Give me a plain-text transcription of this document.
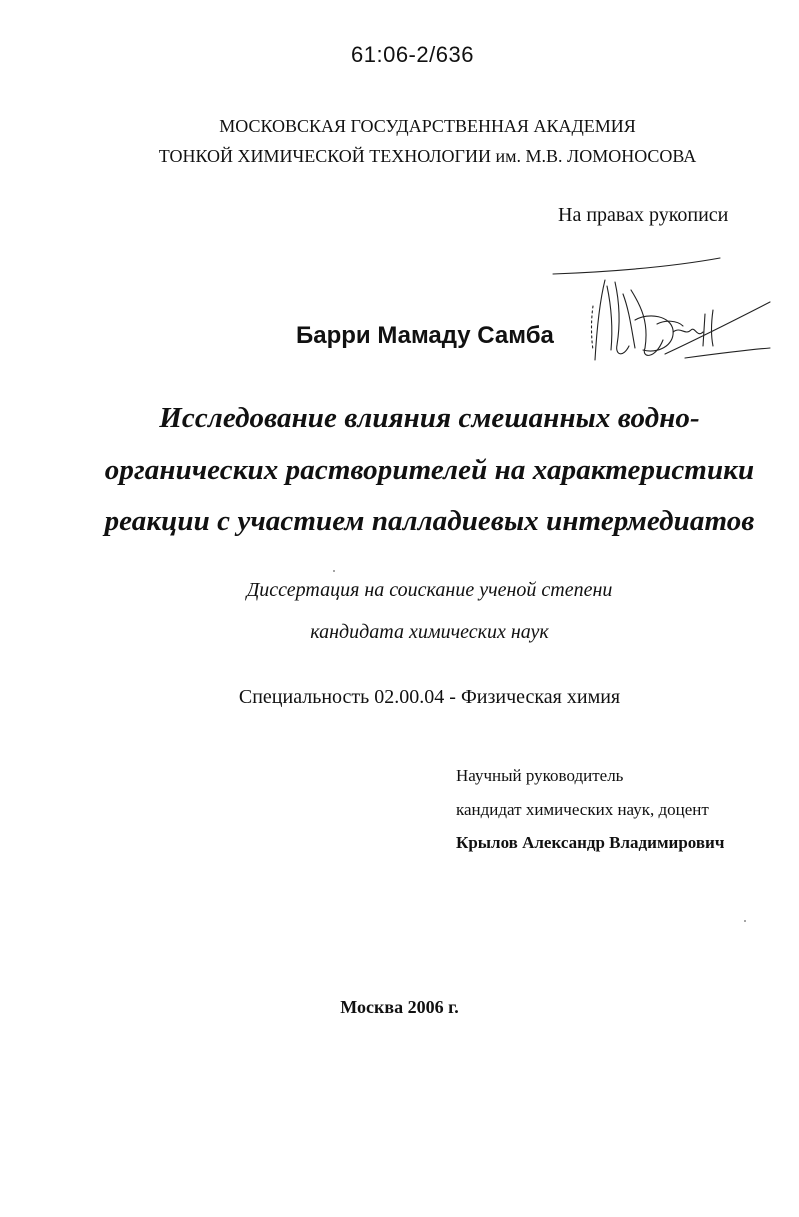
61:06-2/636
МОСКОВСКАЯ ГОСУДАРСТВЕННАЯ АКАДЕМИЯ
ТОНКОЙ ХИМИЧЕСКОЙ ТЕХНОЛОГИИ им. М.В. ЛОМОНОСОВА
На правах рукописи
Барри Мамаду Самба
Исследование влияния смешанных водно-
органических растворителей на характеристики
реакции с участием палладиевых интермедиатов
Диссертация на соискание ученой степени
кандидата химических наук
Специальность 02.00.04 - Физическая химия
Научный руководитель
кандидат химических наук, доцент
Крылов Александр Владимирович
Москва 2006 г.
